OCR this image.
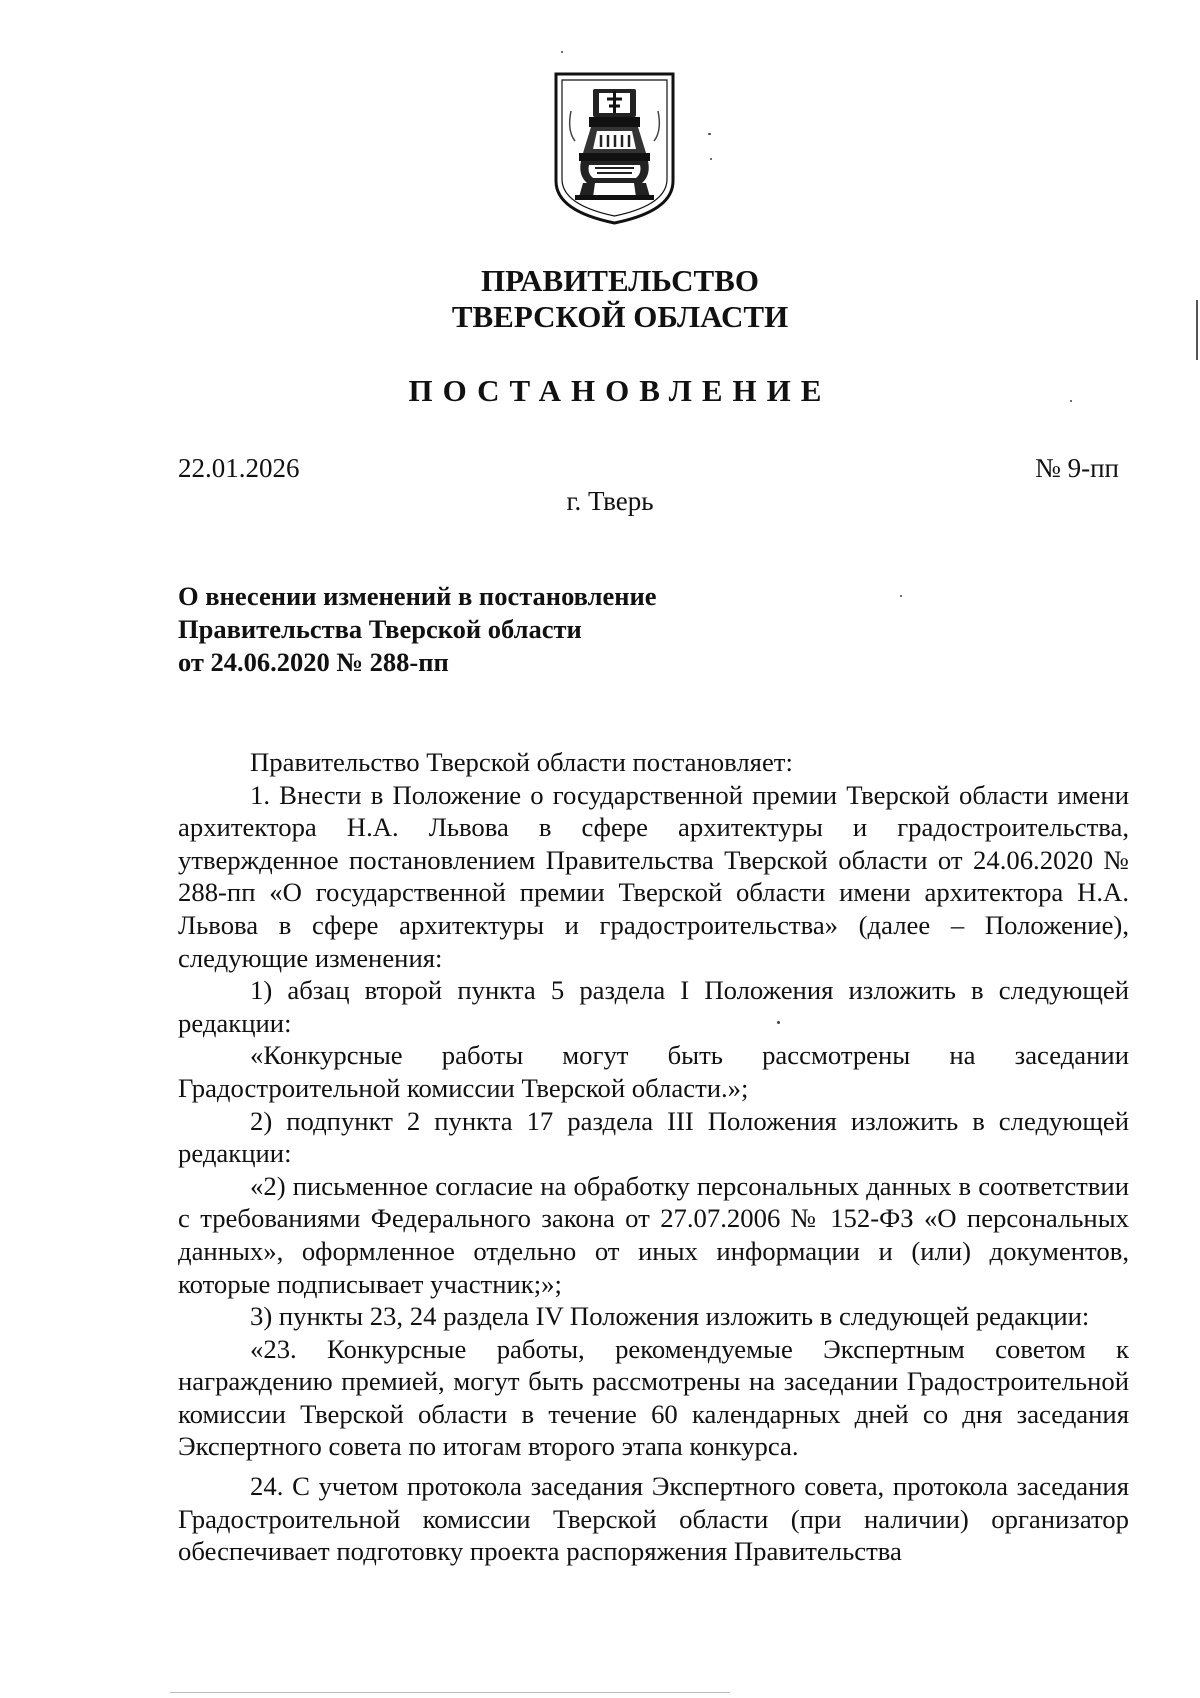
ПРАВИТЕЛЬСТВО
ТВЕРСКОЙ ОБЛАСТИ
ПОСТАНОВЛЕНИЕ
22.01.2026	№ 9-пп
г. Тверь
О внесении изменений в постановление
Правительства Тверской области
от 24.06.2020 № 288-пп

Правительство Тверской области постановляет:

1. Внести в Положение о государственной премии Тверской области имени архитектора Н.А. Львова в сфере архитектуры и градостроительства, утвержденное постановлением Правительства Тверской области от 24.06.2020 № 288-пп «О государственной премии Тверской области имени архитектора Н.А. Львова в сфере архитектуры и градостроительства» (далее – Положение), следующие изменения:

1) абзац второй пункта 5 раздела I Положения изложить в следующей редакции:

«Конкурсные работы могут быть рассмотрены на заседании Градостроительной комиссии Тверской области.»;

2) подпункт 2 пункта 17 раздела III Положения изложить в следующей редакции:

«2) письменное согласие на обработку персональных данных в соответствии с требованиями Федерального закона от 27.07.2006 № 152-ФЗ «О персональных данных», оформленное отдельно от иных информации и (или) документов, которые подписывает участник;»;

3) пункты 23, 24 раздела IV Положения изложить в следующей редакции:

«23. Конкурсные работы, рекомендуемые Экспертным советом к награждению премией, могут быть рассмотрены на заседании Градостроительной комиссии Тверской области в течение 60 календарных дней со дня заседания Экспертного совета по итогам второго этапа конкурса.

24. С учетом протокола заседания Экспертного совета, протокола заседания Градостроительной комиссии Тверской области (при наличии) организатор обеспечивает подготовку проекта распоряжения Правительства
